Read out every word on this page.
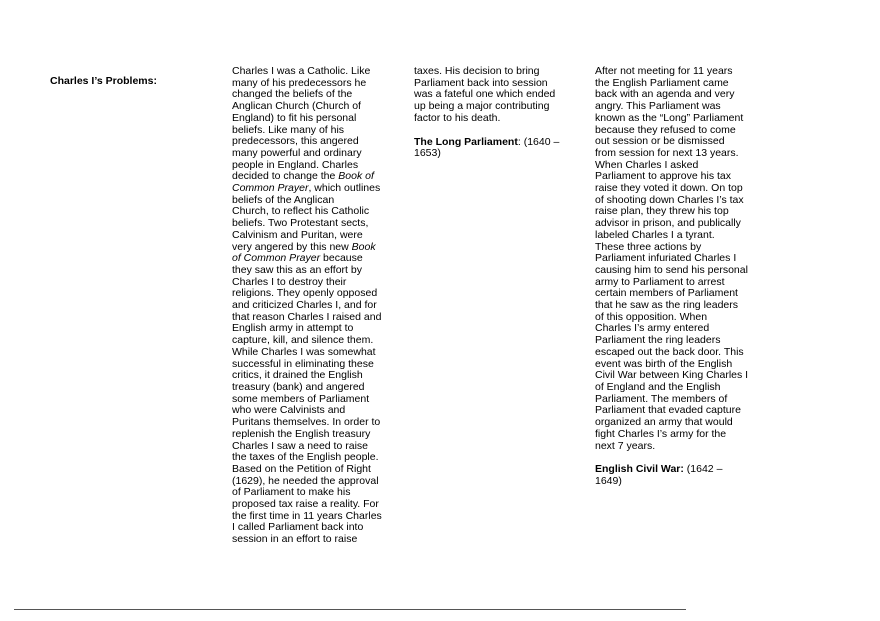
Charles I’s Problems:
Charles I was a Catholic. Like
many of his predecessors he
changed the beliefs of the
Anglican Church (Church of
England) to fit his personal
beliefs. Like many of his
predecessors, this angered
many powerful and ordinary
people in England. Charles
decided to change the Book of
Common Prayer, which outlines
beliefs of the Anglican
Church, to reflect his Catholic
beliefs. Two Protestant sects,
Calvinism and Puritan, were
very angered by this new Book
of Common Prayer because
they saw this as an effort by
Charles I to destroy their
religions. They openly opposed
and criticized Charles I, and for
that reason Charles I raised and
English army in attempt to
capture, kill, and silence them.
While Charles I was somewhat
successful in eliminating these
critics, it drained the English
treasury (bank) and angered
some members of Parliament
who were Calvinists and
Puritans themselves. In order to
replenish the English treasury
Charles I saw a need to raise
the taxes of the English people.
Based on the Petition of Right
(1629), he needed the approval
of Parliament to make his
proposed tax raise a reality. For
the first time in 11 years Charles
I called Parliament back into
session in an effort to raise
taxes. His decision to bring
Parliament back into session
was a fateful one which ended
up being a major contributing
factor to his death.
The Long Parliament: (1640 –
1653)
After not meeting for 11 years
the English Parliament came
back with an agenda and very
angry. This Parliament was
known as the “Long” Parliament
because they refused to come
out session or be dismissed
from session for next 13 years.
When Charles I asked
Parliament to approve his tax
raise they voted it down. On top
of shooting down Charles I’s tax
raise plan, they threw his top
advisor in prison, and publically
labeled Charles I a tyrant.
These three actions by
Parliament infuriated Charles I
causing him to send his personal
army to Parliament to arrest
certain members of Parliament
that he saw as the ring leaders
of this opposition. When
Charles I’s army entered
Parliament the ring leaders
escaped out the back door. This
event was birth of the English
Civil War between King Charles I
of England and the English
Parliament. The members of
Parliament that evaded capture
organized an army that would
fight Charles I’s army for the
next 7 years.
English Civil War: (1642 –
1649)
